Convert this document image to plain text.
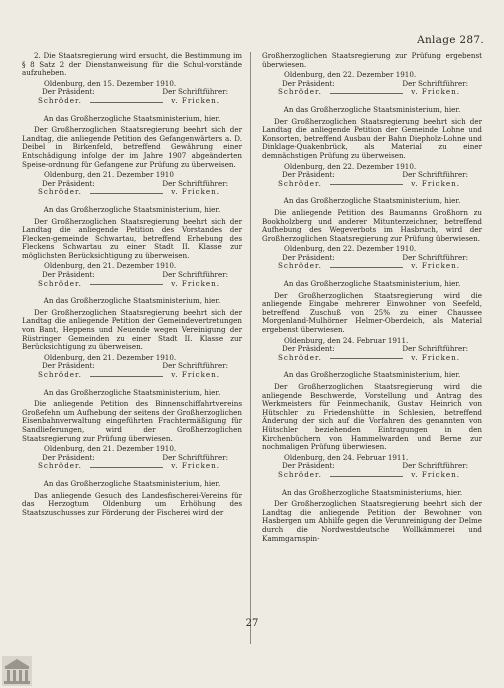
Anlage 287.

2. Die Staatsregierung wird ersucht, die Bestimmung im § 8 Satz 2 der Dienstanweisung für die Schul-vorstände aufzuheben.

Oldenburg, den 15. Dezember 1910.
Der Präsident:	Der Schriftführer:
Schröder.	v. Fricken.
An das Großherzogliche Staatsministerium, hier.

Der Großherzoglichen Staatsregierung beehrt sich der Landtag, die anliegende Petition des Gefangenwärters a. D. Deibel in Birkenfeld, betreffend Gewährung einer Entschädigung infolge der im Jahre 1907 abgeänderten Speise-ordnung für Gefangene zur Prüfung zu überweisen.

Oldenburg, den 21. Dezember 1910
Der Präsident:	Der Schriftführer:
Schröder.	v. Fricken.
An das Großherzogliche Staatsministerium, hier.

Der Großherzoglichen Staatsregierung beehrt sich der Landtag die anliegende Petition des Vorstandes der Flecken-gemeinde Schwartau, betreffend Erhebung des Fleckens Schwartau zu einer Stadt II. Klasse zur möglichsten Berücksichtigung zu überweisen.

Oldenburg, den 21. Dezember 1910.
Der Präsident:	Der Schriftführer:
Schröder.	v. Fricken.
An das Großherzogliche Staatsministerium, hier.

Der Großherzoglichen Staatsregierung beehrt sich der Landtag die anliegende Petition der Gemeindevertretungen von Bant, Heppens und Neuende wegen Vereinigung der Rüstringer Gemeinden zu einer Stadt II. Klasse zur Berücksichtigung zu überweisen.

Oldenburg, den 21. Dezember 1910.
Der Präsident:	Der Schriftführer:
Schröder.	v. Fricken.
An das Großherzogliche Staatsministerium, hier.

Die anliegende Petition des Binnenschiffahrtvereins Großefehn um Aufhebung der seitens der Großherzoglichen Eisenbahnverwaltung eingeführten Frachtermäßigung für Sandlieferungen, wird der Großherzoglichen Staatsregierung zur Prüfung überwiesen.

Oldenburg, den 21. Dezember 1910.
Der Präsident:	Der Schriftführer:
Schröder.	v. Fricken.
An das Großherzogliche Staatsministerium, hier.

Das anliegende Gesuch des Landesfischerei-Vereins für das Herzogtum Oldenburg um Erhöhung des Staatszuschusses zur Förderung der Fischerei wird der

Großherzoglichen Staatsregierung zur Prüfung ergebenst überwiesen.

Oldenburg, den 22. Dezember 1910.
Der Präsident:	Der Schriftführer:
Schröder.	v. Fricken.
An das Großherzogliche Staatsministerium, hier.

Der Großherzoglichen Staatsregierung beehrt sich der Landtag die anliegende Petition der Gemeinde Lohne und Konsorten, betreffend Ausbau der Bahn Diepholz-Lohne und Dinklage-Quakenbrück, als Material zu einer demnächstigen Prüfung zu überweisen.

Oldenburg, den 22. Dezember 1910.
Der Präsident:	Der Schriftführer:
Schröder.	v. Fricken.
An das Großherzogliche Staatsministerium, hier.

Die anliegende Petition des Baumanns Großhorn zu Bookholzberg und anderer Mitunterzeichner, betreffend Aufhebung des Wegeverbots im Hasbruch, wird der Großherzoglichen Staatsregierung zur Prüfung überwiesen.

Oldenburg, den 22. Dezember 1910.
Der Präsident:	Der Schriftführer:
Schröder.	v. Fricken.
An das Großherzogliche Staatsministerium, hier.

Der Großherzoglichen Staatsregierung wird die anliegende Eingabe mehrerer Einwohner von Seefeld, betreffend Zuschuß von 25% zu einer Chaussee Morgenland-Mulhörner Helmer-Oberdeich, als Material ergebenst überwiesen.

Oldenburg, den 24. Februar 1911.
Der Präsident:	Der Schriftführer:
Schröder.	v. Fricken.
An das Großherzogliche Staatsministerium, hier.

Der Großherzoglichen Staatsregierung wird die anliegende Beschwerde, Vorstellung und Antrag des Werkmeisters für Feinmechanik, Gustav Heinrich von Hütschler zu Friedenshütte in Schlesien, betreffend Änderung der sich auf die Vorfahren des genannten von Hütschler beziehenden Eintragungen in den Kirchenbüchern von Hammelwarden und Berne zur nochmaligen Prüfung überwiesen.

Oldenburg, den 24. Februar 1911.
Der Präsident:	Der Schriftführer:
Schröder.	v. Fricken.
An das Großherzogliche Staatsministeriums, hier.

Der Großherzoglichen Staatsregierung beehrt sich der Landtag die anliegende Petition der Bewohner von Hasbergen um Abhilfe gegen die Verunreinigung der Delme durch die Nordwestdeutsche Wollkämmerei und Kammgarnspin-

27
